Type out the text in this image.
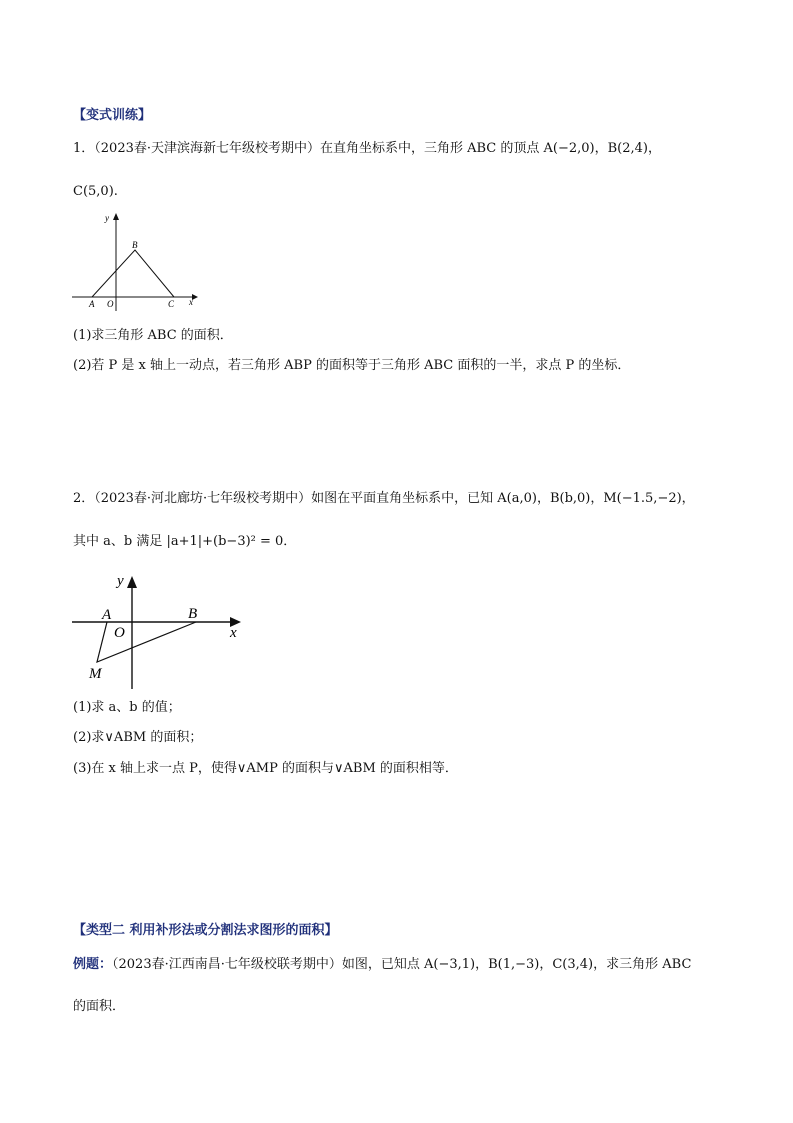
【变式训练】
1．（2023春·天津滨海新七年级校考期中）在直角坐标系中，三角形 ABC 的顶点 A(−2,0)，B(2,4)，
C(5,0).
y
B
A O	C x
(1)求三角形 ABC 的面积．
(2)若 P 是 x 轴上一动点，若三角形 ABP 的面积等于三角形 ABC 面积的一半，求点 P 的坐标．
2．（2023春·河北廊坊·七年级校考期中）如图在平面直角坐标系中，已知 A(a,0)，B(b,0)，M(−1.5,−2)，
其中 a、b 满足 |a+1|+(b−3)² = 0．
y
A	B
O	x
M
(1)求 a、b 的值；
(2)求∨ABM 的面积；
(3)在 x 轴上求一点 P，使得∨AMP 的面积与∨ABM 的面积相等．
【类型二 利用补形法或分割法求图形的面积】
例题：（2023春·江西南昌·七年级校联考期中）如图，已知点 A(−3,1)，B(1,−3)，C(3,4)，求三角形 ABC
的面积．
